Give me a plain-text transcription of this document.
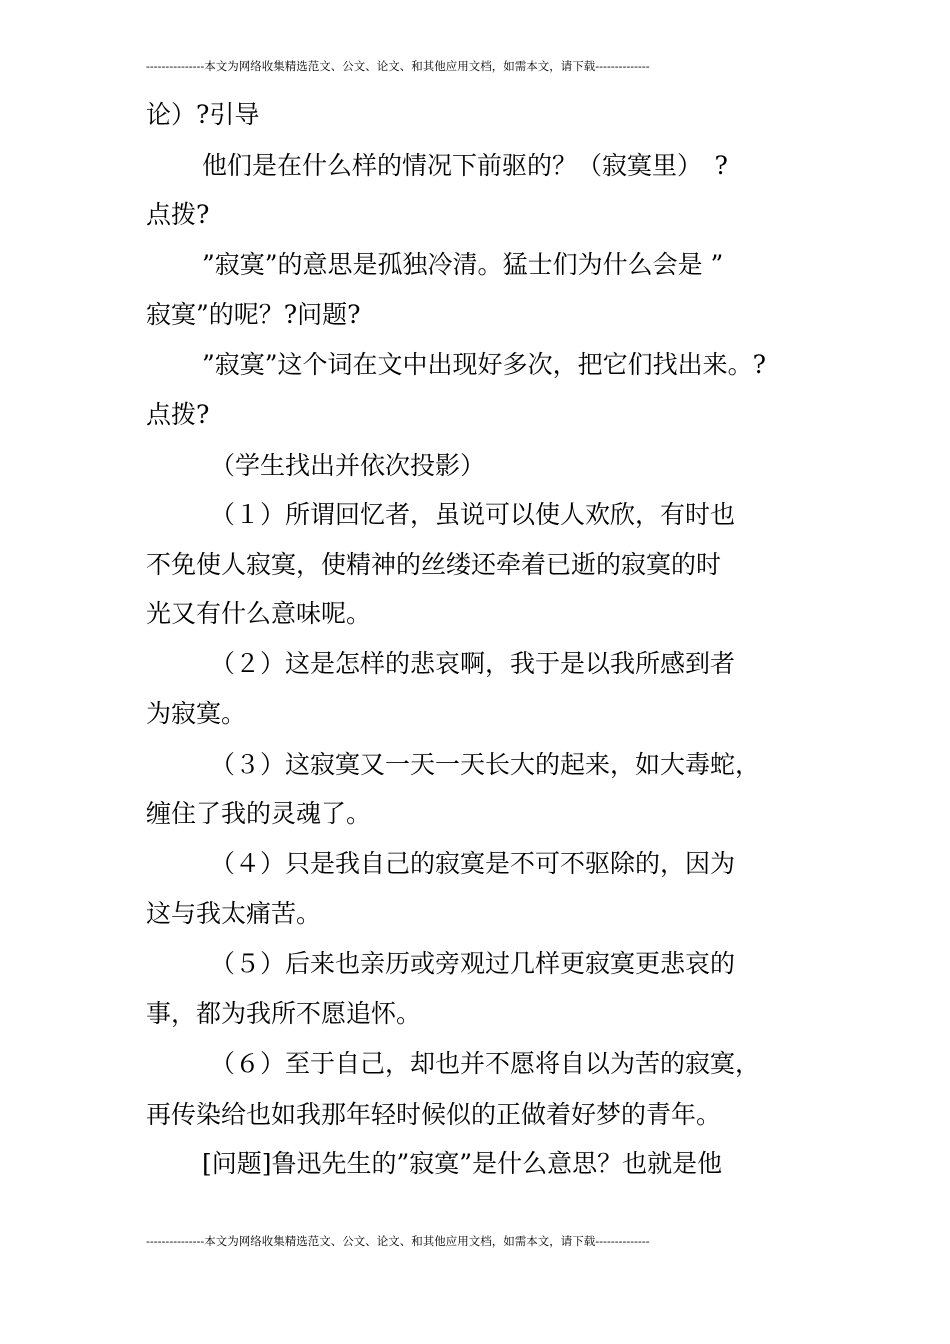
---------------本文为网络收集精选范文、公文、论文、和其他应用文档，如需本文，请下载--------------
论）?引导
他们是在什么样的情况下前驱的？（寂寞里）　?
点拨?
”寂寞”的意思是孤独冷清。猛士们为什么会是 ”
寂寞”的呢？?问题?
”寂寞”这个词在文中出现好多次，把它们找出来。?
点拨?
（学生找出并依次投影）
（１）所谓回忆者，虽说可以使人欢欣，有时也
不免使人寂寞，使精神的丝缕还牵着已逝的寂寞的时
光又有什么意味呢。
（２）这是怎样的悲哀啊，我于是以我所感到者
为寂寞。
（３）这寂寞又一天一天长大的起来，如大毒蛇，
缠住了我的灵魂了。
（４）只是我自己的寂寞是不可不驱除的，因为
这与我太痛苦。
（５）后来也亲历或旁观过几样更寂寞更悲哀的
事，都为我所不愿追怀。
（６）至于自己，却也并不愿将自以为苦的寂寞，
再传染给也如我那年轻时候似的正做着好梦的青年。
[问题]鲁迅先生的”寂寞”是什么意思？也就是他
---------------本文为网络收集精选范文、公文、论文、和其他应用文档，如需本文，请下载--------------
